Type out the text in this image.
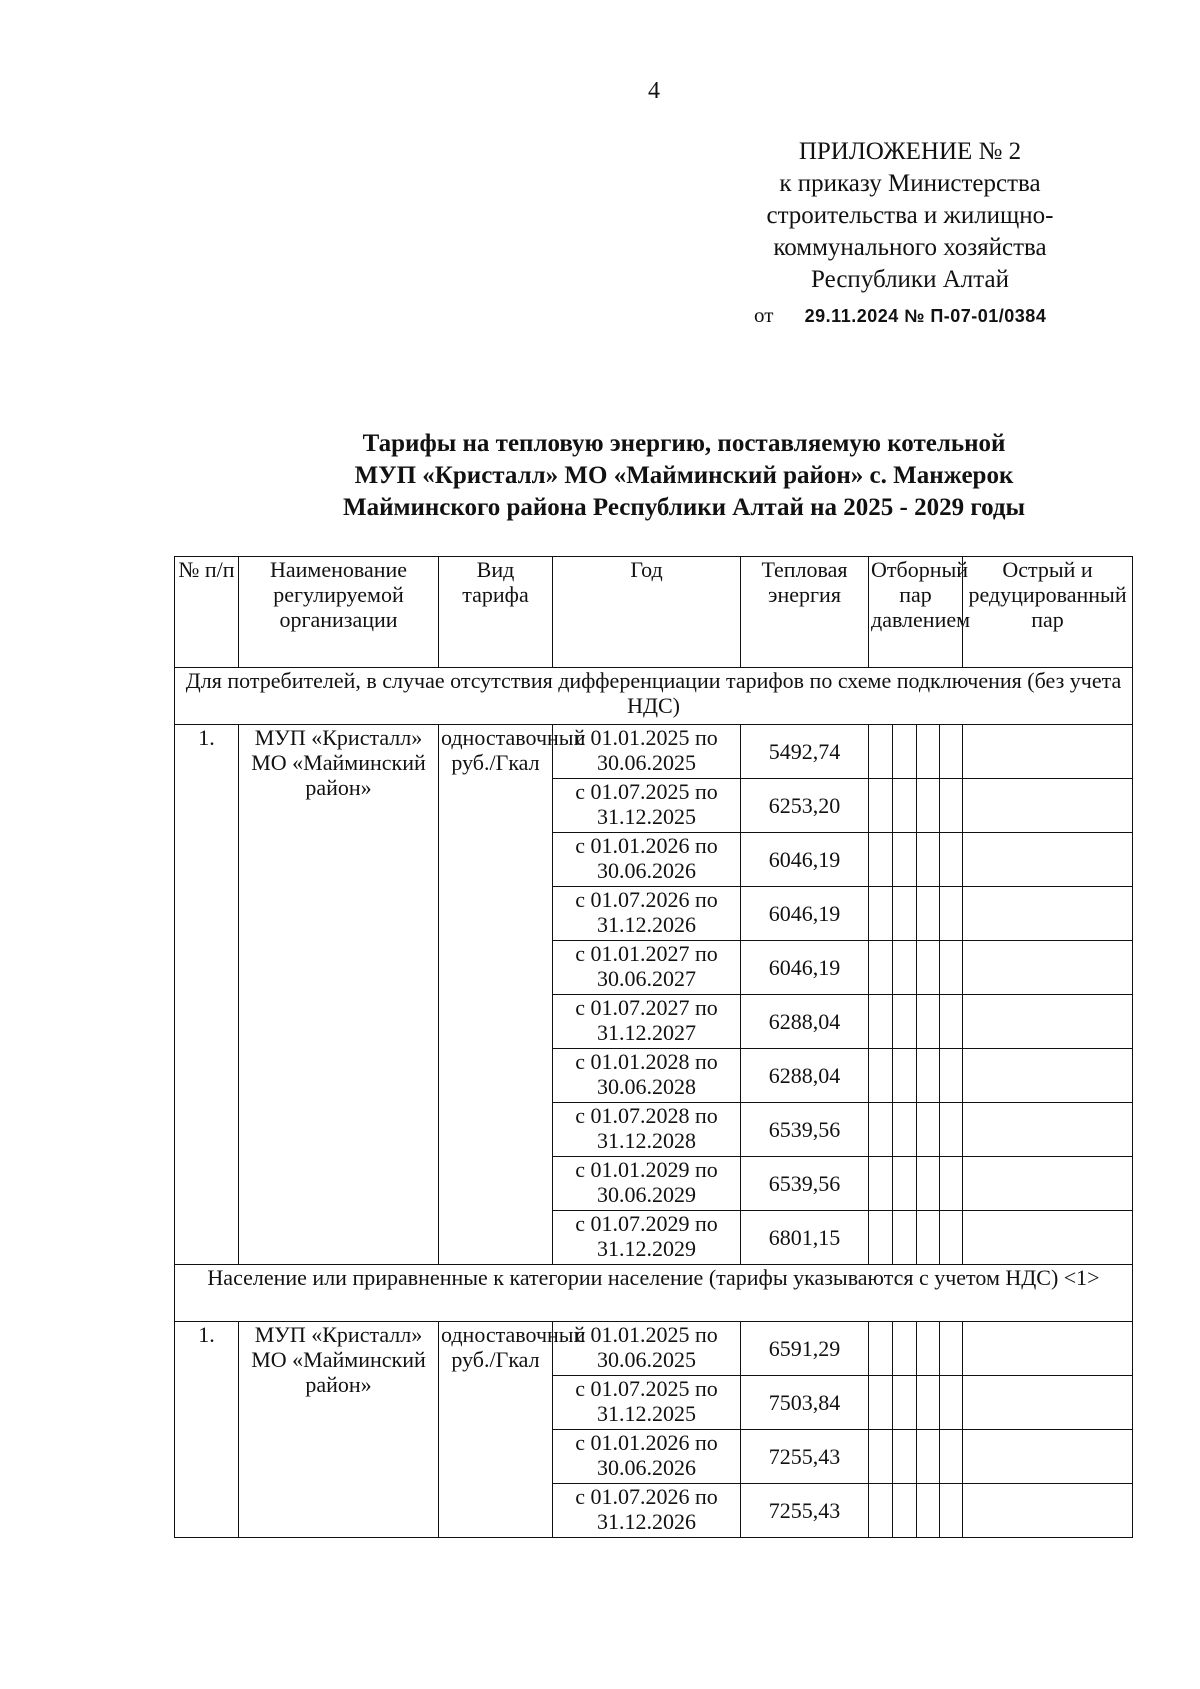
4
ПРИЛОЖЕНИЕ № 2
к приказу Министерства
строительства и жилищно-
коммунального хозяйства
Республики Алтай
от 29.11.2024 № П-07-01/0384
Тарифы на тепловую энергию, поставляемую котельной
МУП «Кристалл» МО «Майминский район» с. Манжерок
Майминского района Республики Алтай на 2025 - 2029 годы
№ п/п	Наименование регулируемой организации	Вид тарифа	Год	Тепловая энергия	Отборный пар давлением				Острый и редуцированный пар
Для потребителей, в случае отсутствия дифференциации тарифов по схеме подключения (без учета НДС)									
1.	МУП «Кристалл» МО «Майминский район»	одноставочный руб./Гкал	с 01.01.2025 по 30.06.2025	5492,74					
			с 01.07.2025 по 31.12.2025	6253,20					
			с 01.01.2026 по 30.06.2026	6046,19					
			с 01.07.2026 по 31.12.2026	6046,19					
			с 01.01.2027 по 30.06.2027	6046,19					
			с 01.07.2027 по 31.12.2027	6288,04					
			с 01.01.2028 по 30.06.2028	6288,04					
			с 01.07.2028 по 31.12.2028	6539,56					
			с 01.01.2029 по 30.06.2029	6539,56					
			с 01.07.2029 по 31.12.2029	6801,15					
Население или приравненные к категории население (тарифы указываются с учетом НДС) <1>									
1.	МУП «Кристалл» МО «Майминский район»	одноставочный руб./Гкал	с 01.01.2025 по 30.06.2025	6591,29					
			с 01.07.2025 по 31.12.2025	7503,84					
			с 01.01.2026 по 30.06.2026	7255,43					
			с 01.07.2026 по 31.12.2026	7255,43					
